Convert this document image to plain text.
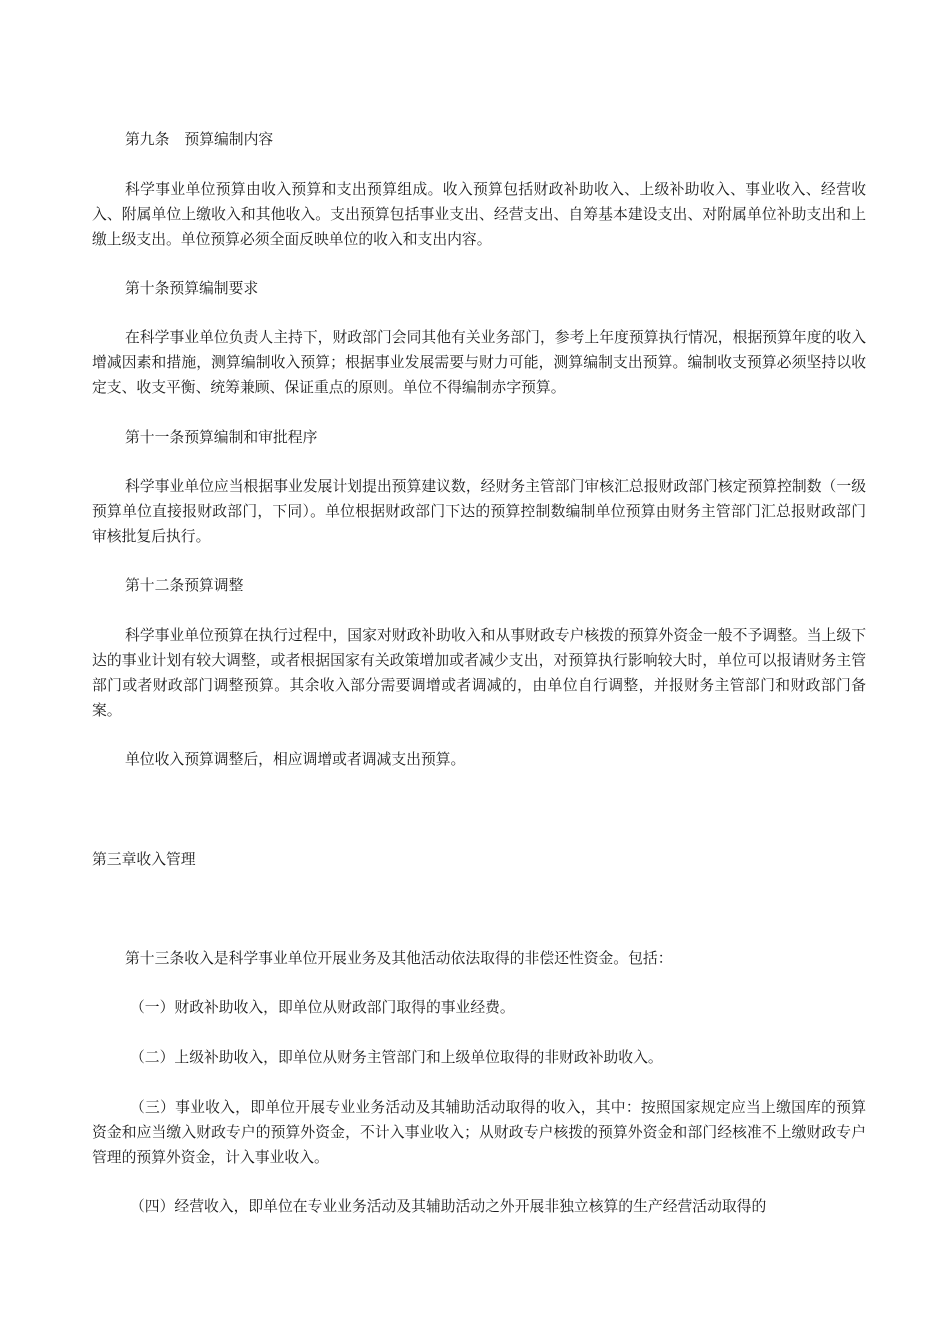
第九条 预算编制内容

科学事业单位预算由收入预算和支出预算组成。收入预算包括财政补助收入、上级补助收入、事业收入、经营收入、附属单位上缴收入和其他收入。支出预算包括事业支出、经营支出、自筹基本建设支出、对附属单位补助支出和上缴上级支出。单位预算必须全面反映单位的收入和支出内容。

第十条预算编制要求

在科学事业单位负责人主持下，财政部门会同其他有关业务部门，参考上年度预算执行情况，根据预算年度的收入增减因素和措施，测算编制收入预算；根据事业发展需要与财力可能，测算编制支出预算。编制收支预算必须坚持以收定支、收支平衡、统筹兼顾、保证重点的原则。单位不得编制赤字预算。

第十一条预算编制和审批程序

科学事业单位应当根据事业发展计划提出预算建议数，经财务主管部门审核汇总报财政部门核定预算控制数（一级预算单位直接报财政部门，下同）。单位根据财政部门下达的预算控制数编制单位预算由财务主管部门汇总报财政部门审核批复后执行。

第十二条预算调整

科学事业单位预算在执行过程中，国家对财政补助收入和从事财政专户核拨的预算外资金一般不予调整。当上级下达的事业计划有较大调整，或者根据国家有关政策增加或者减少支出，对预算执行影响较大时，单位可以报请财务主管部门或者财政部门调整预算。其余收入部分需要调增或者调减的，由单位自行调整，并报财务主管部门和财政部门备案。

单位收入预算调整后，相应调增或者调减支出预算。

第三章收入管理

第十三条收入是科学事业单位开展业务及其他活动依法取得的非偿还性资金。包括：

（一）财政补助收入，即单位从财政部门取得的事业经费。

（二）上级补助收入，即单位从财务主管部门和上级单位取得的非财政补助收入。

（三）事业收入，即单位开展专业业务活动及其辅助活动取得的收入，其中：按照国家规定应当上缴国库的预算资金和应当缴入财政专户的预算外资金，不计入事业收入；从财政专户核拨的预算外资金和部门经核准不上缴财政专户管理的预算外资金，计入事业收入。

（四）经营收入，即单位在专业业务活动及其辅助活动之外开展非独立核算的生产经营活动取得的
